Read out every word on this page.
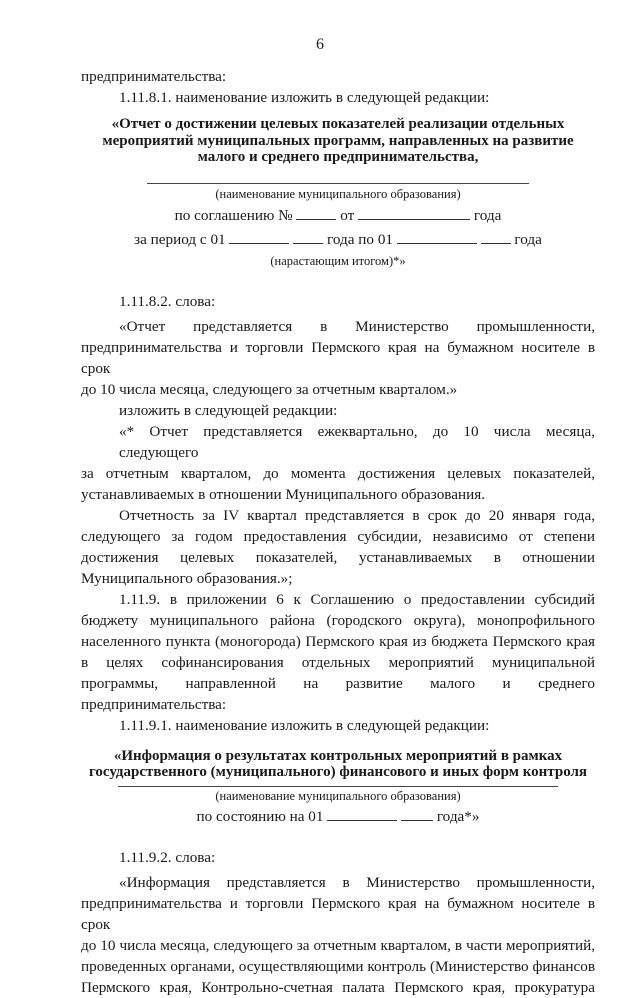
6
предпринимательства:
1.11.8.1. наименование изложить в следующей редакции:
«Отчет о достижении целевых показателей реализации отдельных
мероприятий муниципальных программ, направленных на развитие
малого и среднего предпринимательства,
(наименование муниципального образования)
по соглашению №	от	года
за период с 01	года по 01	года
(нарастающим итогом)*»
1.11.8.2. слова:
«Отчет представляется в Министерство промышленности,
предпринимательства и торговли Пермского края на бумажном носителе в срок
до 10 числа месяца, следующего за отчетным кварталом.»
изложить в следующей редакции:
«* Отчет представляется ежеквартально, до 10 числа месяца, следующего
за отчетным кварталом, до момента достижения целевых показателей,
устанавливаемых в отношении Муниципального образования.
Отчетность за IV квартал представляется в срок до 20 января года,
следующего за годом предоставления субсидии, независимо от степени
достижения целевых показателей, устанавливаемых в отношении
Муниципального образования.»;
1.11.9. в приложении 6 к Соглашению о предоставлении субсидий
бюджету муниципального района (городского округа), монопрофильного
населенного пункта (моногорода) Пермского края из бюджета Пермского края
в целях софинансирования отдельных мероприятий муниципальной
программы, направленной на развитие малого и среднего
предпринимательства:
1.11.9.1. наименование изложить в следующей редакции:
«Информация о результатах контрольных мероприятий в рамках
государственного (муниципального) финансового и иных форм контроля
(наименование муниципального образования)
по состоянию на 01	года*»
1.11.9.2. слова:
«Информация представляется в Министерство промышленности,
предпринимательства и торговли Пермского края на бумажном носителе в срок
до 10 числа месяца, следующего за отчетным кварталом, в части мероприятий,
проведенных органами, осуществляющими контроль (Министерство финансов
Пермского края, Контрольно-счетная палата Пермского края, прокуратура
